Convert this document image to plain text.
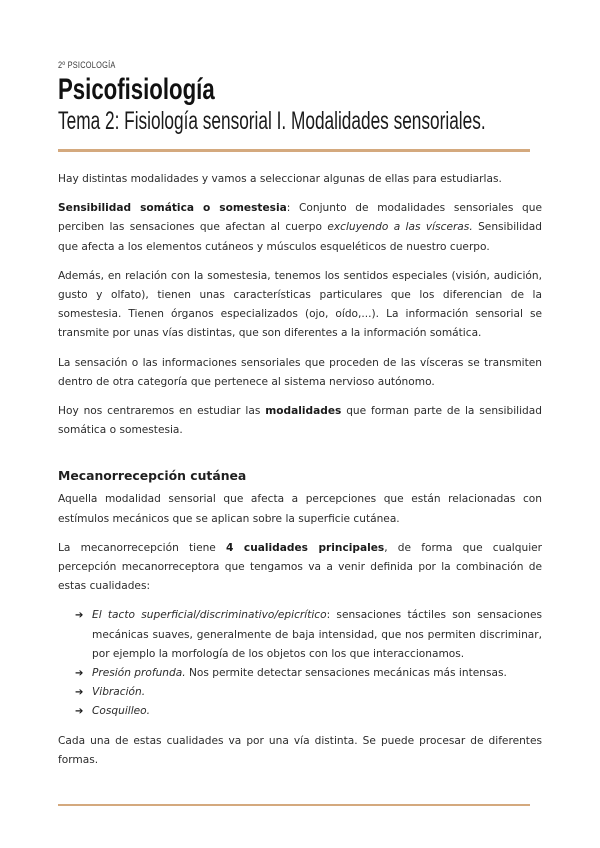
2º PSICOLOGÍA
Psicofisiología
Tema 2: Fisiología sensorial I. Modalidades sensoriales.

Hay distintas modalidades y vamos a seleccionar algunas de ellas para estudiarlas.

Sensibilidad somática o somestesia: Conjunto de modalidades sensoriales que perciben las sensaciones que afectan al cuerpo excluyendo a las vísceras. Sensibilidad que afecta a los elementos cutáneos y músculos esqueléticos de nuestro cuerpo.

Además, en relación con la somestesia, tenemos los sentidos especiales (visión, audición, gusto y olfato), tienen unas características particulares que los diferencian de la somestesia. Tienen órganos especializados (ojo, oído,...). La información sensorial se transmite por unas vías distintas, que son diferentes a la información somática.

La sensación o las informaciones sensoriales que proceden de las vísceras se transmiten dentro de otra categoría que pertenece al sistema nervioso autónomo.

Hoy nos centraremos en estudiar las modalidades que forman parte de la sensibilidad somática o somestesia.

Mecanorrecepción cutánea

Aquella modalidad sensorial que afecta a percepciones que están relacionadas con estímulos mecánicos que se aplican sobre la superficie cutánea.

La mecanorrecepción tiene 4 cualidades principales, de forma que cualquier percepción mecanorreceptora que tengamos va a venir definida por la combinación de estas cualidades:

➔ El tacto superficial/discriminativo/epicrítico: sensaciones táctiles son sensaciones mecánicas suaves, generalmente de baja intensidad, que nos permiten discriminar, por ejemplo la morfología de los objetos con los que interaccionamos.
➔ Presión profunda. Nos permite detectar sensaciones mecánicas más intensas.
➔ Vibración.
➔ Cosquilleo.

Cada una de estas cualidades va por una vía distinta. Se puede procesar de diferentes formas.
